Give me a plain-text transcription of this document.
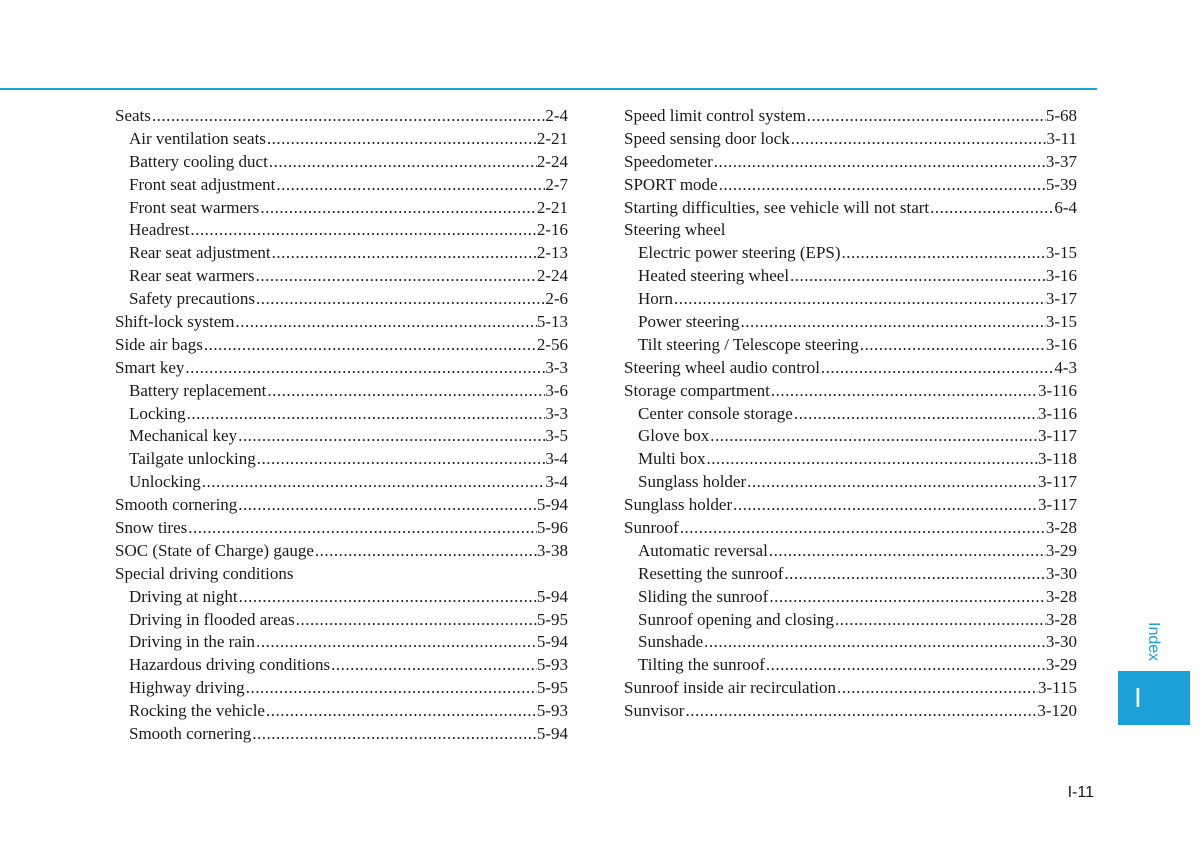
Seats .....	2-4
Air ventilation seats .....	2-21
Battery cooling duct .....	2-24
Front seat adjustment .....	2-7
Front seat warmers .....	2-21
Headrest .....	2-16
Rear seat adjustment .....	2-13
Rear seat warmers .....	2-24
Safety precautions .....	2-6
Shift-lock system .....	5-13
Side air bags .....	2-56
Smart key .....	3-3
Battery replacement .....	3-6
Locking .....	3-3
Mechanical key .....	3-5
Tailgate unlocking .....	3-4
Unlocking .....	3-4
Smooth cornering .....	5-94
Snow tires .....	5-96
SOC (State of Charge) gauge .....	3-38
Special driving conditions
Driving at night .....	5-94
Driving in flooded areas .....	5-95
Driving in the rain .....	5-94
Hazardous driving conditions .....	5-93
Highway driving .....	5-95
Rocking the vehicle .....	5-93
Smooth cornering .....	5-94
Speed limit control system .....	5-68
Speed sensing door lock .....	3-11
Speedometer .....	3-37
SPORT mode .....	5-39
Starting difficulties, see vehicle will not start .....	6-4
Steering wheel
Electric power steering (EPS) .....	3-15
Heated steering wheel .....	3-16
Horn .....	3-17
Power steering .....	3-15
Tilt steering / Telescope steering .....	3-16
Steering wheel audio control .....	4-3
Storage compartment .....	3-116
Center console storage .....	3-116
Glove box .....	3-117
Multi box .....	3-118
Sunglass holder .....	3-117
Sunglass holder .....	3-117
Sunroof .....	3-28
Automatic reversal .....	3-29
Resetting the sunroof .....	3-30
Sliding the sunroof .....	3-28
Sunroof opening and closing .....	3-28
Sunshade .....	3-30
Tilting the sunroof .....	3-29
Sunroof inside air recirculation .....	3-115
Sunvisor .....	3-120
Index
I
I-11
